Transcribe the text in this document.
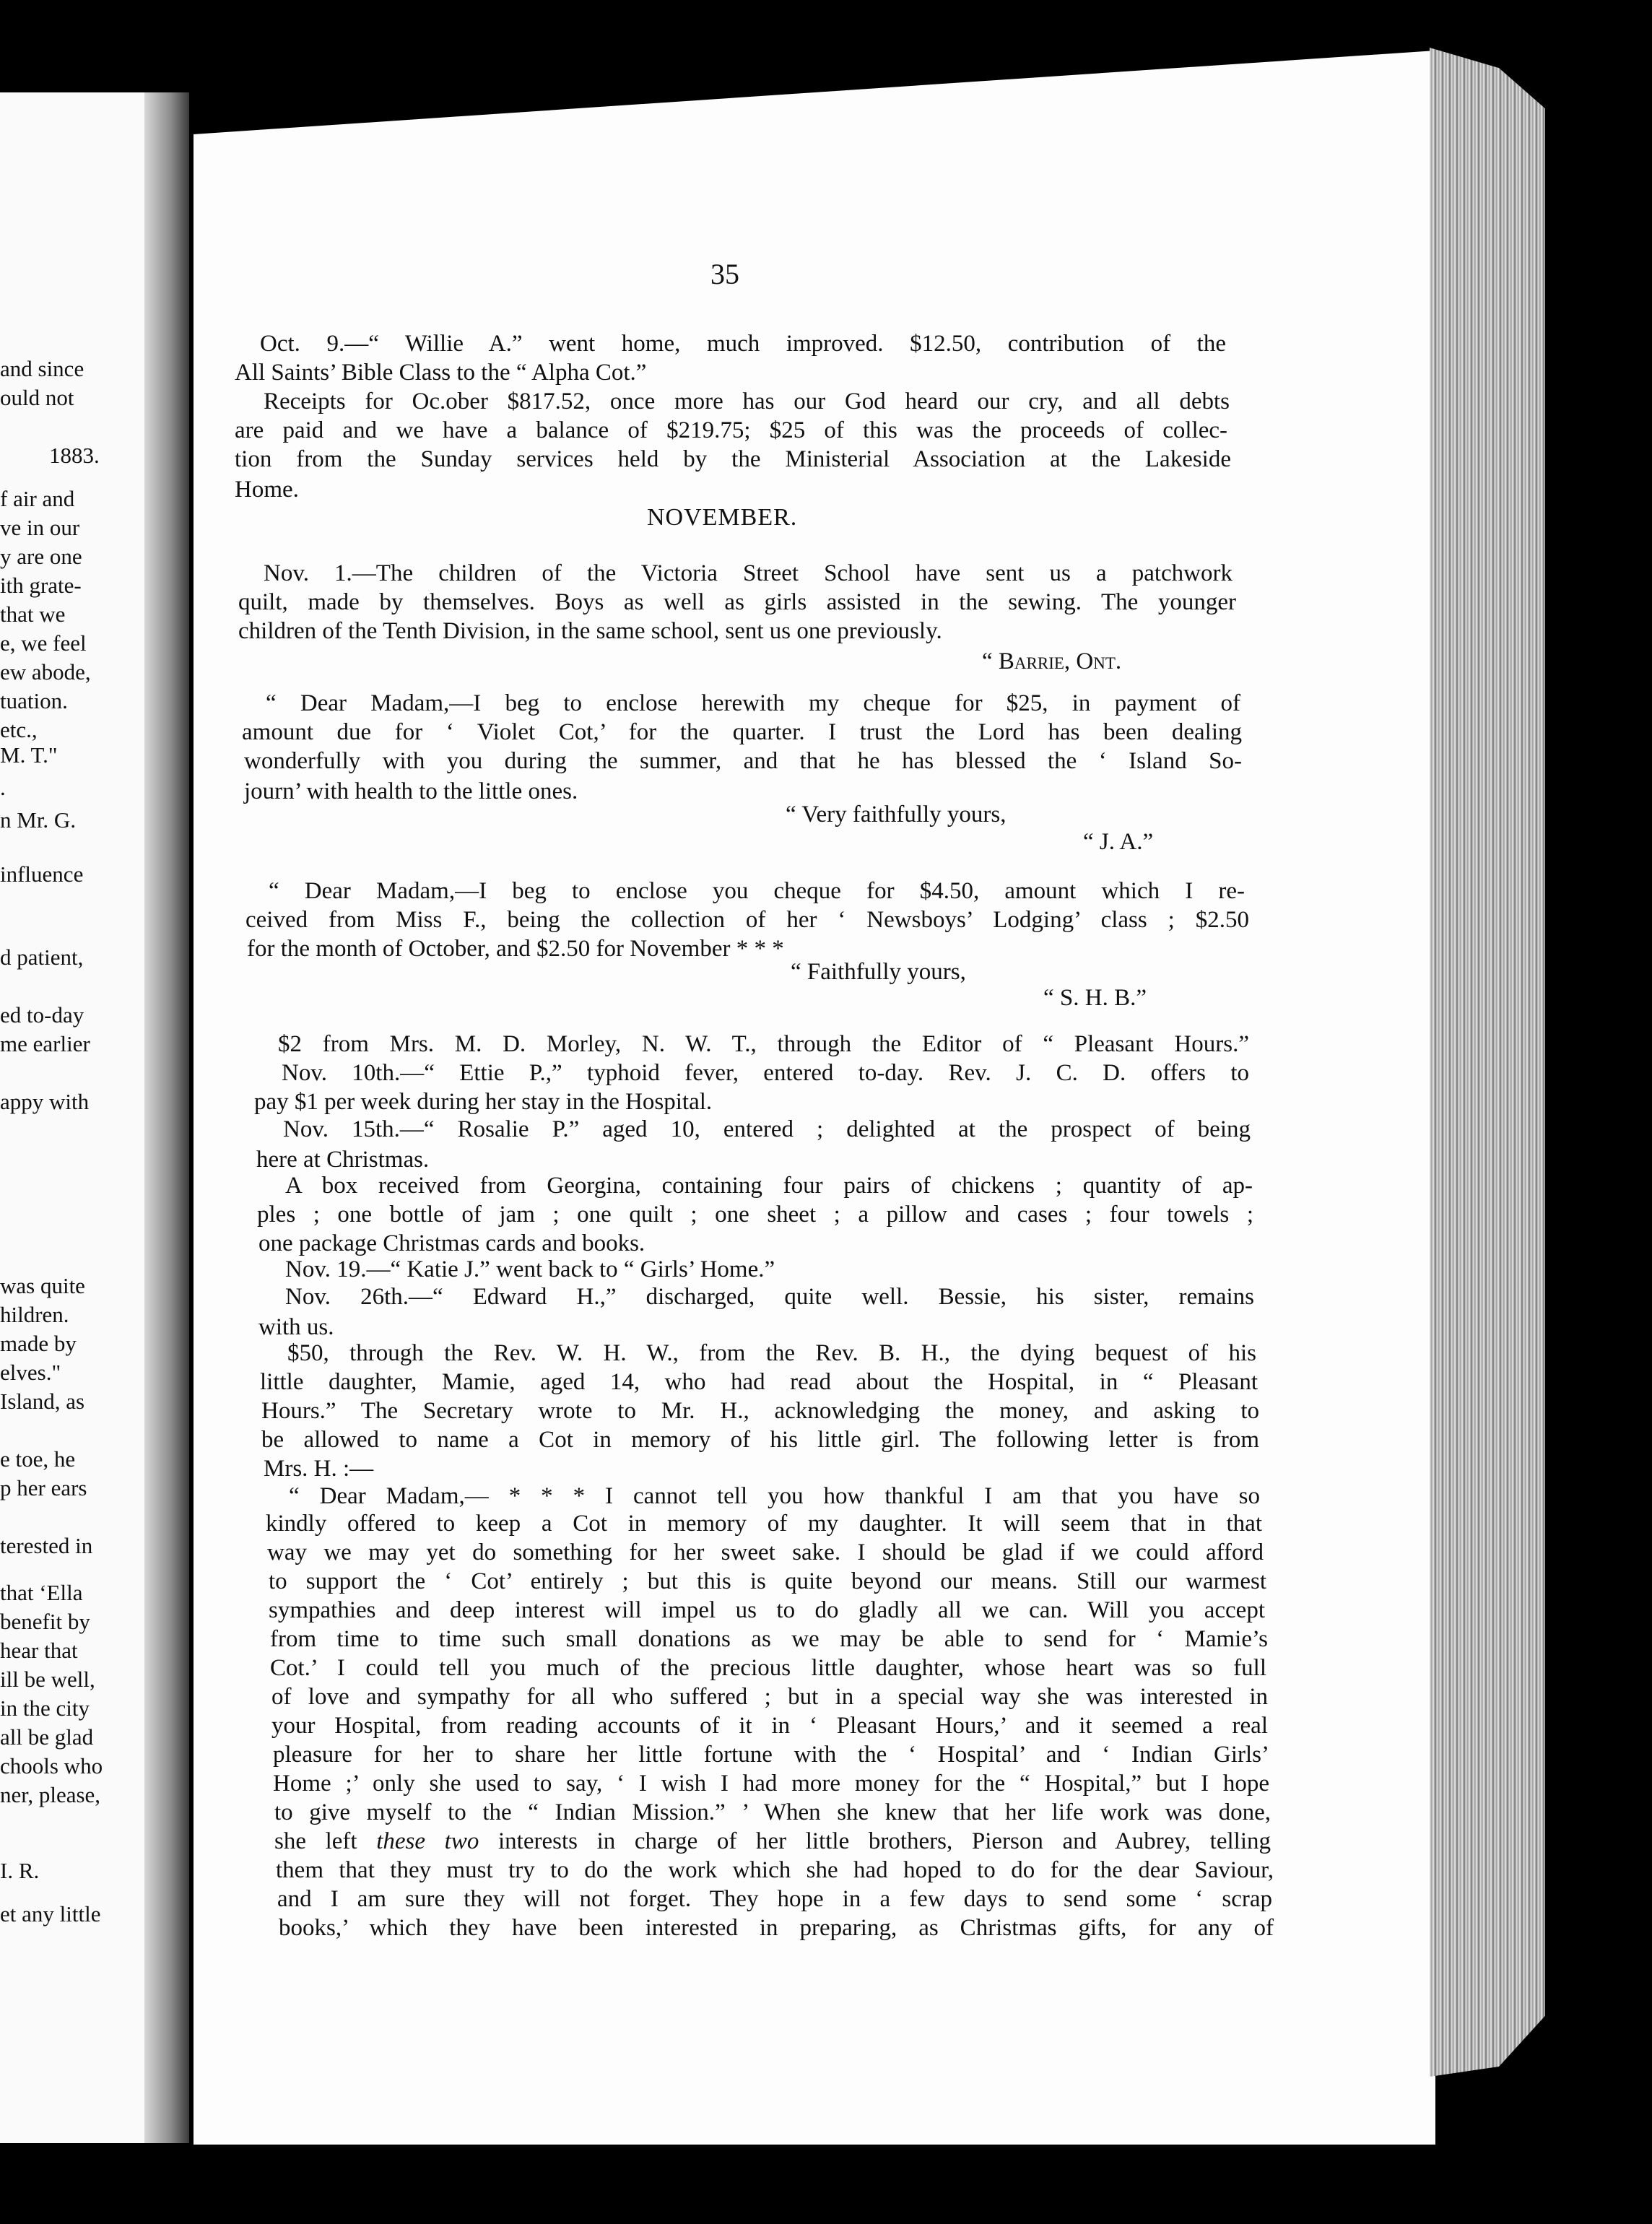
and since
ould not
1883.
f air and
ve in our
y are one
ith grate-
that we
e, we feel
ew abode,
tuation.
etc.,
M. T."
.
n Mr. G.
influence
d patient,
ed to-day
me earlier
appy with
was quite
hildren.
made by
elves."
Island, as
e toe, he
p her ears
terested in
that ‘Ella
benefit by
hear that
ill be well,
in the city
all be glad
chools who
ner, please,
I. R.
et any little
35
Oct. 9.—“ Willie A.” went home, much improved. $12.50, contribution of the
All Saints’ Bible Class to the “ Alpha Cot.”
Receipts for Oc.ober $817.52, once more has our God heard our cry, and all debts
are paid and we have a balance of $219.75; $25 of this was the proceeds of collec-
tion from the Sunday services held by the Ministerial Association at the Lakeside
Home.
NOVEMBER.
Nov. 1.—The children of the Victoria Street School have sent us a patchwork
quilt, made by themselves. Boys as well as girls assisted in the sewing. The younger
children of the Tenth Division, in the same school, sent us one previously.
“ Barrie, Ont.
“ Dear Madam,—I beg to enclose herewith my cheque for $25, in payment of
amount due for ‘ Violet Cot,’ for the quarter. I trust the Lord has been dealing
wonderfully with you during the summer, and that he has blessed the ‘ Island So-
journ’ with health to the little ones.
“ Very faithfully yours,
“ J. A.”
“ Dear Madam,—I beg to enclose you cheque for $4.50, amount which I re-
ceived from Miss F., being the collection of her ‘ Newsboys’ Lodging’ class ; $2.50
for the month of October, and $2.50 for November * * *
“ Faithfully yours,
“ S. H. B.”
$2 from Mrs. M. D. Morley, N. W. T., through the Editor of “ Pleasant Hours.”
Nov. 10th.—“ Ettie P.,” typhoid fever, entered to-day. Rev. J. C. D. offers to
pay $1 per week during her stay in the Hospital.
Nov. 15th.—“ Rosalie P.” aged 10, entered ; delighted at the prospect of being
here at Christmas.
A box received from Georgina, containing four pairs of chickens ; quantity of ap-
ples ; one bottle of jam ; one quilt ; one sheet ; a pillow and cases ; four towels ;
one package Christmas cards and books.
Nov. 19.—“ Katie J.” went back to “ Girls’ Home.”
Nov. 26th.—“ Edward H.,” discharged, quite well. Bessie, his sister, remains
with us.
$50, through the Rev. W. H. W., from the Rev. B. H., the dying bequest of his
little daughter, Mamie, aged 14, who had read about the Hospital, in “ Pleasant
Hours.” The Secretary wrote to Mr. H., acknowledging the money, and asking to
be allowed to name a Cot in memory of his little girl. The following letter is from
Mrs. H. :—
“ Dear Madam,— * * * I cannot tell you how thankful I am that you have so
kindly offered to keep a Cot in memory of my daughter. It will seem that in that
way we may yet do something for her sweet sake. I should be glad if we could afford
to support the ‘ Cot’ entirely ; but this is quite beyond our means. Still our warmest
sympathies and deep interest will impel us to do gladly all we can. Will you accept
from time to time such small donations as we may be able to send for ‘ Mamie’s
Cot.’ I could tell you much of the precious little daughter, whose heart was so full
of love and sympathy for all who suffered ; but in a special way she was interested in
your Hospital, from reading accounts of it in ‘ Pleasant Hours,’ and it seemed a real
pleasure for her to share her little fortune with the ‘ Hospital’ and ‘ Indian Girls’
Home ;’ only she used to say, ‘ I wish I had more money for the “ Hospital,” but I hope
to give myself to the “ Indian Mission.” ’ When she knew that her life work was done,
she left these two interests in charge of her little brothers, Pierson and Aubrey, telling
them that they must try to do the work which she had hoped to do for the dear Saviour,
and I am sure they will not forget. They hope in a few days to send some ‘ scrap
books,’ which they have been interested in preparing, as Christmas gifts, for any of
